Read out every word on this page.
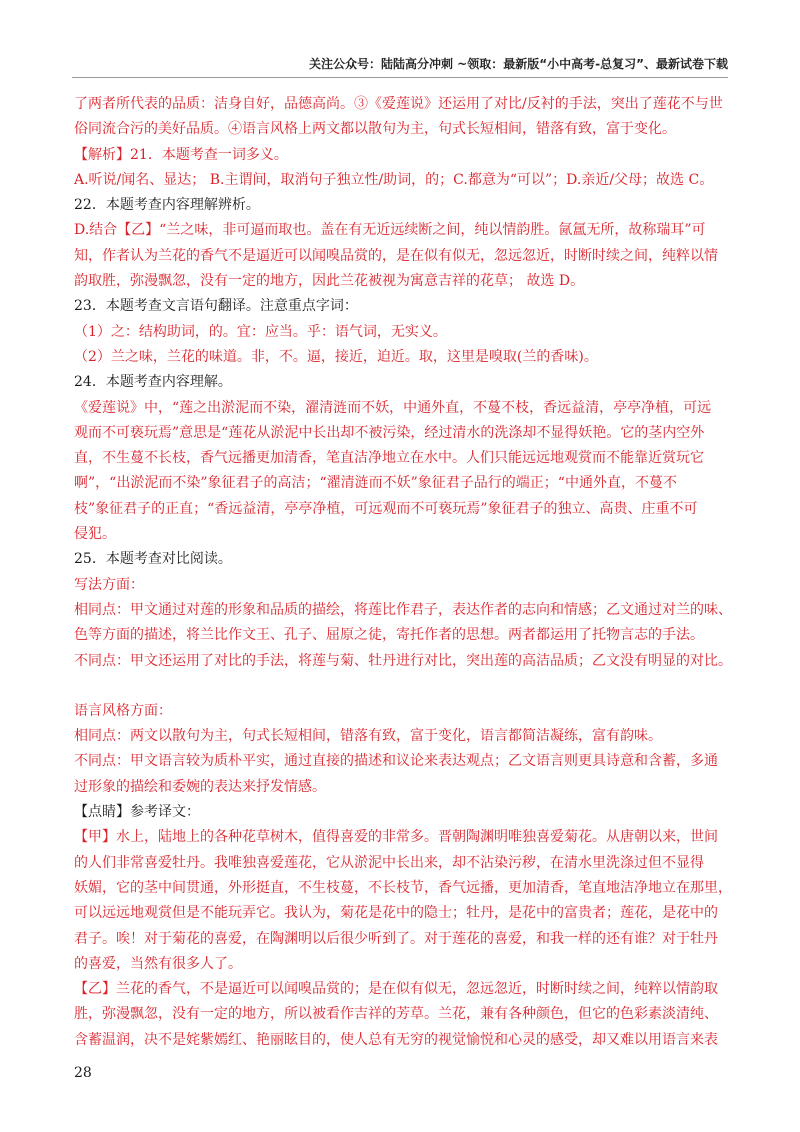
关注公众号：陆陆高分冲刺 ~领取：最新版“小中高考-总复习”、最新试卷下载
了两者所代表的品质：洁身自好，品德高尚。③《爱莲说》还运用了对比/反衬的手法，突出了莲花不与世
俗同流合污的美好品质。④语言风格上两文都以散句为主，句式长短相间，错落有致，富于变化。
【解析】21．本题考查一词多义。
A.听说/闻名、显达； B.主谓间，取消句子独立性/助词，的；C.都意为“可以”；D.亲近/父母；故选 C。
22．本题考查内容理解辨析。
D.结合【乙】“兰之味，非可逼而取也。盖在有无近远续断之间，纯以情韵胜。氤氲无所，故称瑞耳”可
知，作者认为兰花的香气不是逼近可以闻嗅品赏的，是在似有似无，忽远忽近，时断时续之间，纯粹以情
韵取胜，弥漫飘忽，没有一定的地方，因此兰花被视为寓意吉祥的花草； 故选 D。
23．本题考查文言语句翻译。注意重点字词：
（1）之：结构助词，的。宜：应当。乎：语气词，无实义。
（2）兰之味，兰花的味道。非，不。逼，接近，迫近。取，这里是嗅取(兰的香味)。
24．本题考查内容理解。
《爱莲说》中，“莲之出淤泥而不染，濯清涟而不妖，中通外直，不蔓不枝，香远益清，亭亭净植，可远
观而不可亵玩焉”意思是“莲花从淤泥中长出却不被污染，经过清水的洗涤却不显得妖艳。它的茎内空外
直，不生蔓不长枝，香气远播更加清香，笔直洁净地立在水中。人们只能远远地观赏而不能靠近赏玩它
啊”，“出淤泥而不染”象征君子的高洁；“濯清涟而不妖”象征君子品行的端正；“中通外直，不蔓不
枝”象征君子的正直；“香远益清，亭亭净植，可远观而不可亵玩焉”象征君子的独立、高贵、庄重不可
侵犯。
25．本题考查对比阅读。
写法方面：
相同点：甲文通过对莲的形象和品质的描绘，将莲比作君子，表达作者的志向和情感；乙文通过对兰的味、
色等方面的描述，将兰比作文王、孔子、屈原之徒，寄托作者的思想。两者都运用了托物言志的手法。
不同点：甲文还运用了对比的手法，将莲与菊、牡丹进行对比，突出莲的高洁品质；乙文没有明显的对比。
语言风格方面：
相同点：两文以散句为主，句式长短相间，错落有致，富于变化，语言都简洁凝练，富有韵味。
不同点：甲文语言较为质朴平实，通过直接的描述和议论来表达观点；乙文语言则更具诗意和含蓄，多通
过形象的描绘和委婉的表达来抒发情感。
【点睛】参考译文：
【甲】水上，陆地上的各种花草树木，值得喜爱的非常多。晋朝陶渊明唯独喜爱菊花。从唐朝以来，世间
的人们非常喜爱牡丹。我唯独喜爱莲花，它从淤泥中长出来，却不沾染污秽，在清水里洗涤过但不显得
妖媚，它的茎中间贯通，外形挺直，不生枝蔓，不长枝节，香气远播，更加清香，笔直地洁净地立在那里，
可以远远地观赏但是不能玩弄它。我认为，菊花是花中的隐士；牡丹，是花中的富贵者；莲花，是花中的
君子。唉！对于菊花的喜爱，在陶渊明以后很少听到了。对于莲花的喜爱，和我一样的还有谁？对于牡丹
的喜爱，当然有很多人了。
【乙】兰花的香气，不是逼近可以闻嗅品赏的；是在似有似无，忽远忽近，时断时续之间，纯粹以情韵取
胜，弥漫飘忽，没有一定的地方，所以被看作吉祥的芳草。兰花，兼有各种颜色，但它的色彩素淡清纯、
含蓄温润，决不是姹紫嫣红、艳丽眩目的，使人总有无穷的视觉愉悦和心灵的感受，却又难以用语言来表
28
